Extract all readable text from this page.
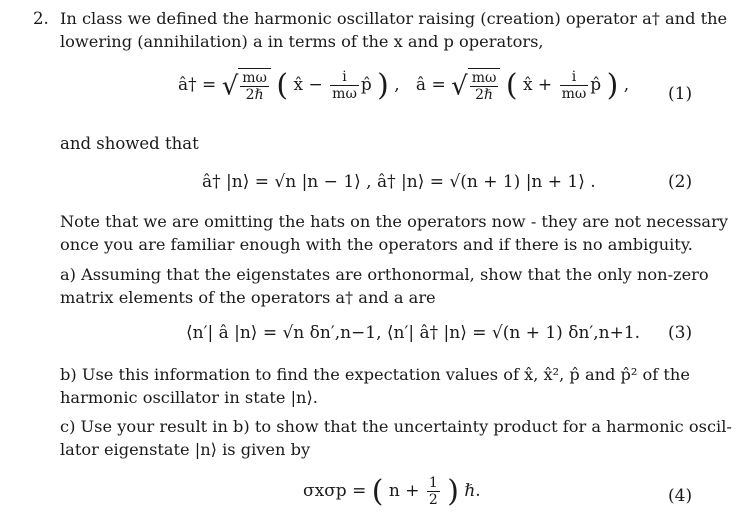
2. In class we defined the harmonic oscillator raising (creation) operator a† and the
lowering (annihilation) a in terms of the x and p operators,
â† = √ $\frac{m\omega}{\text{2ℏ}}$ ( x̂ − $\frac{i}{m\omega}$ p̂ ) , â = √ $\frac{m\omega}{\text{2ℏ}}$ ( x̂ + $\frac{i}{m\omega}$ p̂ ) , (1)
and showed that
â† |n⟩ = √n |n − 1⟩ , â† |n⟩ = √(n + 1) |n + 1⟩ .	(2)
Note that we are omitting the hats on the operators now - they are not necessary
once you are familiar enough with the operators and if there is no ambiguity.
a) Assuming that the eigenstates are orthonormal, show that the only non-zero
matrix elements of the operators a† and a are
⟨n′| â |n⟩ = √n δn′,n−1, ⟨n′| â† |n⟩ = √(n + 1) δn′,n+1. (3)
b) Use this information to find the expectation values of x̂, x̂², p̂ and p̂² of the
harmonic oscillator in state |n⟩.
c) Use your result in b) to show that the uncertainty product for a harmonic oscil-
lator eigenstate |n⟩ is given by
σxσp = ( $n + \frac{1}{2}$ ) ℏ.	(4)
